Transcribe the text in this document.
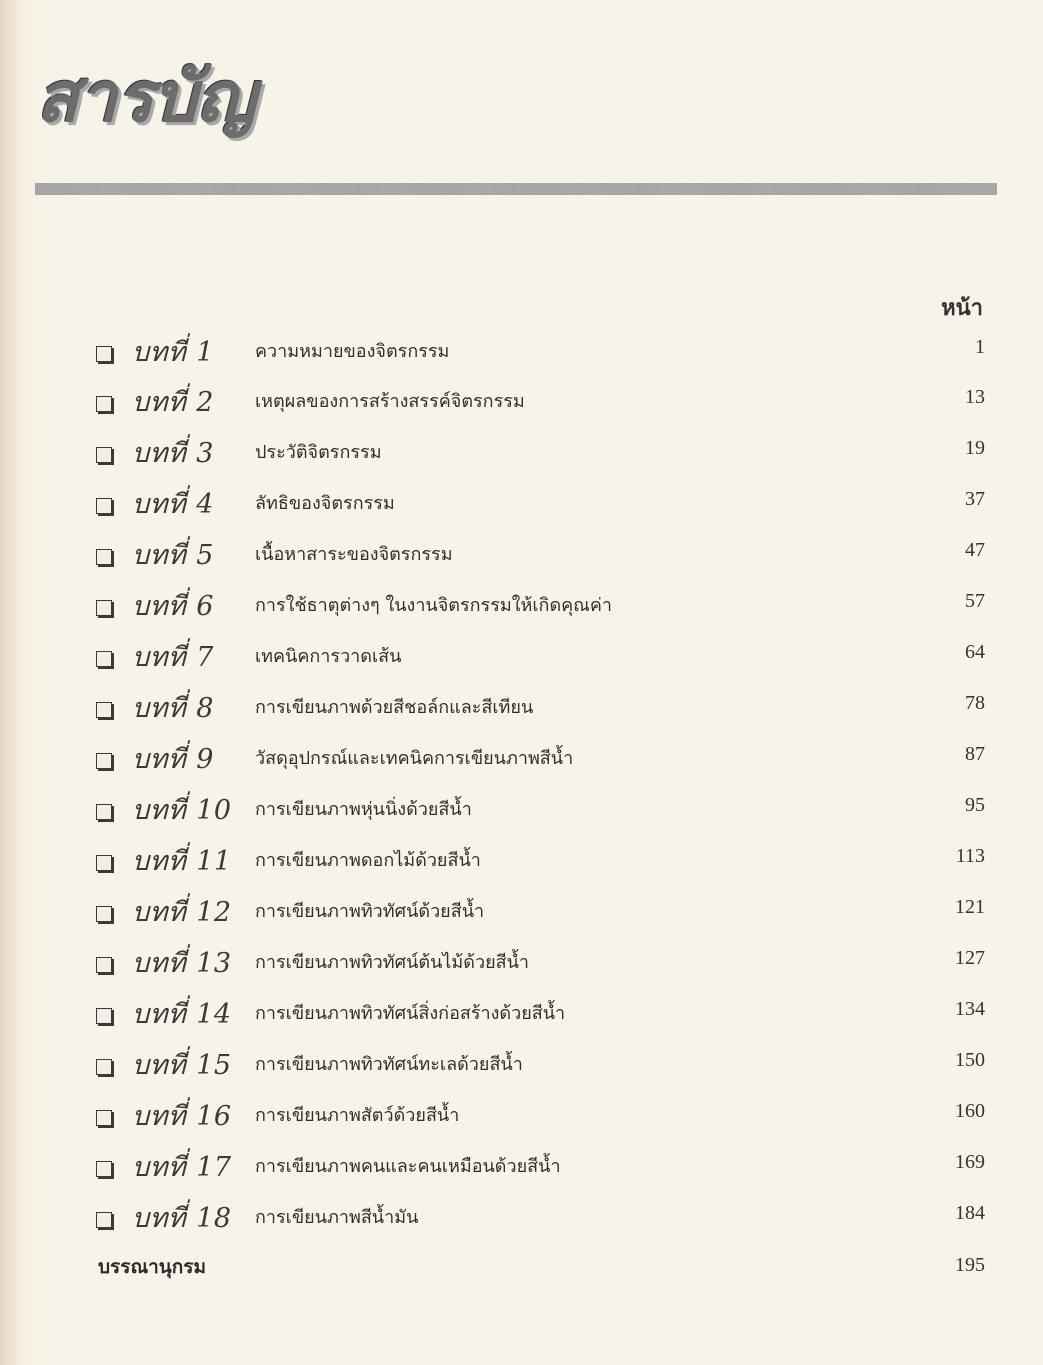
สารบัญ
หน้า
บทที่ 1 ความหมายของจิตรกรรม	1
บทที่ 2 เหตุผลของการสร้างสรรค์จิตรกรรม	13
บทที่ 3 ประวัติจิตรกรรม	19
บทที่ 4 ลัทธิของจิตรกรรม	37
บทที่ 5 เนื้อหาสาระของจิตรกรรม	47
บทที่ 6 การใช้ธาตุต่างๆ ในงานจิตรกรรมให้เกิดคุณค่า	57
บทที่ 7 เทคนิคการวาดเส้น	64
บทที่ 8 การเขียนภาพด้วยสีชอล์กและสีเทียน	78
บทที่ 9 วัสดุอุปกรณ์และเทคนิคการเขียนภาพสีน้ำ	87
บทที่ 10 การเขียนภาพหุ่นนิ่งด้วยสีน้ำ	95
บทที่ 11 การเขียนภาพดอกไม้ด้วยสีน้ำ	113
บทที่ 12 การเขียนภาพทิวทัศน์ด้วยสีน้ำ	121
บทที่ 13 การเขียนภาพทิวทัศน์ต้นไม้ด้วยสีน้ำ	127
บทที่ 14 การเขียนภาพทิวทัศน์สิ่งก่อสร้างด้วยสีน้ำ	134
บทที่ 15 การเขียนภาพทิวทัศน์ทะเลด้วยสีน้ำ	150
บทที่ 16 การเขียนภาพสัตว์ด้วยสีน้ำ	160
บทที่ 17 การเขียนภาพคนและคนเหมือนด้วยสีน้ำ	169
บทที่ 18 การเขียนภาพสีน้ำมัน	184
บรรณานุกรม	195
